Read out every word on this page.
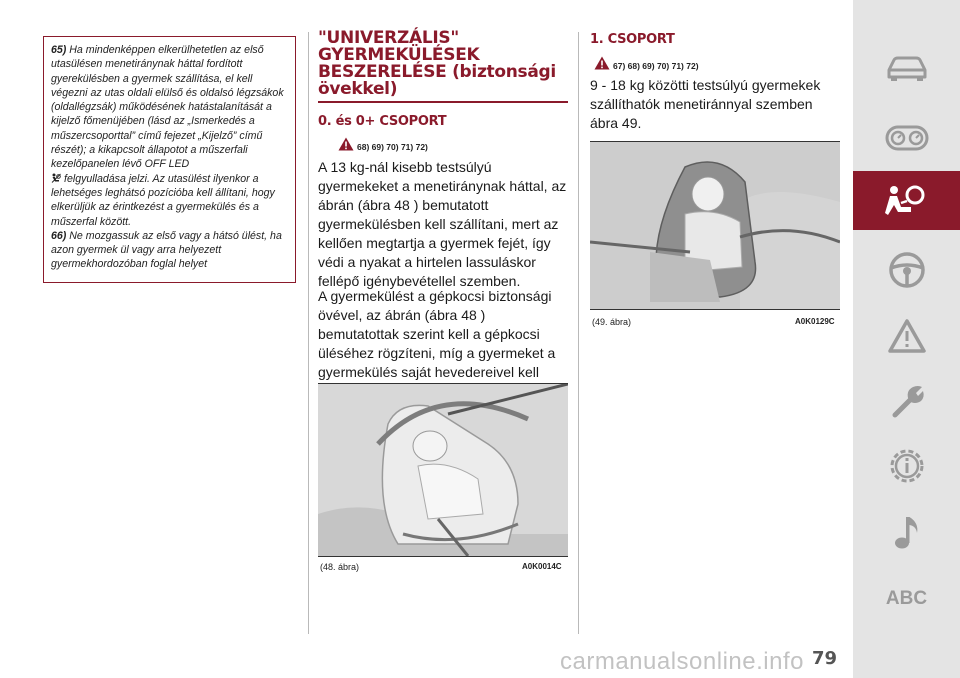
65) Ha mindenképpen elkerülhetetlen az első utasülésen menetiránynak háttal fordított gyerekülésben a gyermek szállítása, el kell végezni az utas oldali elülső és oldalsó légzsákok (oldallégzsák) működésének hatástalanítását a kijelző főmenüjében (lásd az „Ismerkedés a műszercsoporttal” című fejezet „Kijelző” című részét); a kikapcsolt állapotot a műszerfali kezelőpanelen lévő OFF LED
felgyulladása jelzi. Az utasülést ilyenkor a lehetséges leghátsó pozícióba kell állítani, hogy elkerüljük az érintkezést a gyermekülés és a műszerfal között.

66) Ne mozgassuk az első vagy a hátsó ülést, ha azon gyermek ül vagy arra helyezett gyermekhordozóban foglal helyet

"UNIVERZÁLIS"
GYERMEKÜLÉSEK
BESZERELÉSE (biztonsági
övekkel)
0. és 0+ CSOPORT
68) 69) 70) 71) 72)

A 13 kg-nál kisebb testsúlyú gyermekeket a menetiránynak háttal, az ábrán (ábra 48 ) bemutatott gyermekülésben kell szállítani, mert az kellően megtartja a gyermek fejét, így védi a nyakat a hirtelen lassuláskor fellépő igénybevétellel szemben.

A gyermekülést a gépkocsi biztonsági övével, az ábrán (ábra 48 ) bemutatottak szerint kell a gépkocsi üléséhez rögzíteni, míg a gyermeket a gyermekülés saját hevedereivel kell

(48. ábra)	A0K0014C
1. CSOPORT
67) 68) 69) 70) 71) 72)

9 - 18 kg közötti testsúlyú gyermekek szállíthatók menetiránnyal szemben ábra 49.

(49. ábra)	A0K0129C
ABC
carmanualsonline.info 79
